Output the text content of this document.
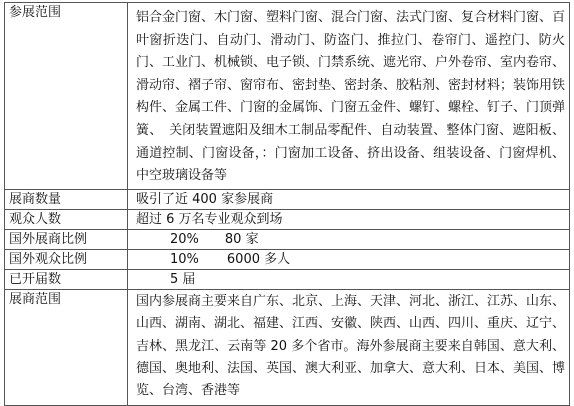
参展范围	铝合金门窗、木门窗、塑料门窗、混合门窗、法式门窗、复合材料门窗、百叶窗折迭门、自动门、滑动门、防盗门、推拉门、卷帘门、遥控门、防火门、工业门、机械锁、电子锁、门禁系统、遮光帘、户外卷帘、室内卷帘、滑动帘、褶子帘、窗帘布、密封垫、密封条、胶粘剂、密封材料；装饰用铁构件、金属工件、门窗的金属饰、门窗五金件、螺钉、螺栓、钉子、门顶弹簧、　关闭装置遮阳及细木工制品零配件、自动装置、整体门窗、遮阳板、通道控制、门窗设备，：门窗加工设备、挤出设备、组装设备、门窗焊机、中空玻璃设备等

展商数量	吸引了近 400 家参展商
观众人数	超过 6 万名专业观众到场
国外展商比例	20% 80 家
国外观众比例	10% 6000 多人
已开届数	5 届
展商范围	国内参展商主要来自广东、北京、上海、天津、河北、浙江、江苏、山东、山西、湖南、湖北、福建、江西、安徽、陕西、山西、四川、重庆、辽宁、吉林、黑龙江、云南等 20 多个省市。海外参展商主要来自韩国、意大利、德国、奥地利、法国、英国、澳大利亚、加拿大、意大利、日本、美国、博览、台湾、香港等
